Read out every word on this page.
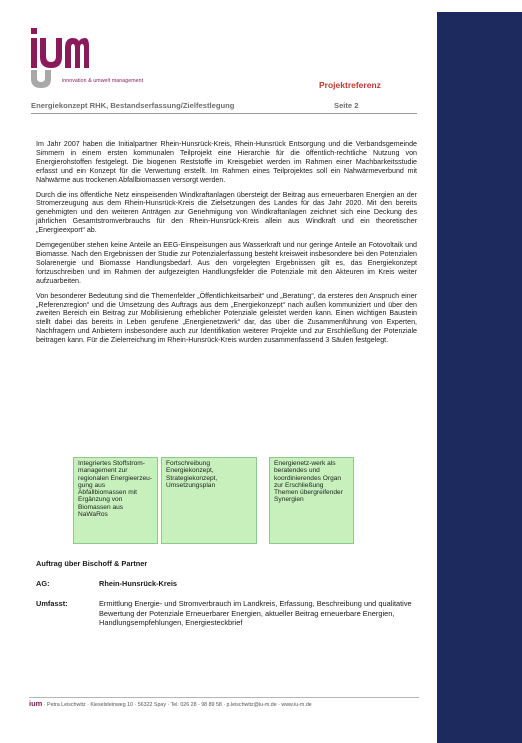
innovation & umwelt management	Projektreferenz
Energiekonzept RHK, Bestandserfassung/Zielfestlegung	Seite 2

Im Jahr 2007 haben die Initialpartner Rhein-Hunsrück-Kreis, Rhein-Hunsrück Entsorgung und die Verbandsgemeinde Simmern in einem ersten kommunalen Teilprojekt eine Hierarchie für die öffentlich-rechtliche Nutzung von Energierohstoffen festgelegt. Die biogenen Reststoffe im Kreisgebiet werden im Rahmen einer Machbarkeitsstudie erfasst und ein Konzept für die Verwertung erstellt. Im Rahmen eines Teilprojektes soll ein Nahwärmeverbund mit Nahwärme aus trockenen Abfallbiomassen versorgt werden.

Durch die ins öffentliche Netz einspeisenden Windkraftanlagen übersteigt der Beitrag aus erneuerbaren Energien an der Stromerzeugung aus dem Rhein-Hunsrück-Kreis die Zielsetzungen des Landes für das Jahr 2020. Mit den bereits genehmigten und den weiteren Anträgen zur Genehmigung von Windkraftanlagen zeichnet sich eine Deckung des jährlichen Gesamtstromverbrauchs für den Rhein-Hunsrück-Kreis allein aus Windkraft und ein theoretischer „Energieexport“ ab.

Demgegenüber stehen keine Anteile an EEG-Einspeisungen aus Wasserkraft und nur geringe Anteile an Fotovoltaik und Biomasse. Nach den Ergebnissen der Studie zur Potenzialerfassung besteht kreisweit insbesondere bei den Potenzialen Solarenergie und Biomasse Handlungsbedarf. Aus den vorgelegten Ergebnissen gilt es, das Energiekonzept fortzuschreiben und im Rahmen der aufgezeigten Handlungsfelder die Potenziale mit den Akteuren im Kreis weiter aufzuarbeiten.

Von besonderer Bedeutung sind die Themenfelder „Öffentlichkeitsarbeit“ und „Beratung“, da ersteres den Anspruch einer „Referenzregion“ und die Umsetzung des Auftrags aus dem „Energiekonzept“ nach außen kommuniziert und über den zweiten Bereich ein Beitrag zur Mobilisierung erheblicher Potenziale geleistet werden kann. Einen wichtigen Baustein stellt dabei das bereits in Leben gerufene „Energienetzwerk“ dar, das über die Zusammenführung von Experten, Nachfragern und Anbietern insbesondere auch zur Identifikation weiterer Projekte und zur Erschließung der Potenziale beitragen kann. Für die Zielerreichung im Rhein-Hunsrück-Kreis wurden zusammenfassend 3 Säulen festgelegt.

Integriertes Stoffstrom-management zur regionalen Energieerzeu-gung aus Abfallbiomassen mit Ergänzung von Biomassen aus NaWaRos
Fortschreibung Energiekonzept, Strategiekonzept, Umsetzungsplan
Energienetz-werk als beratendes und koordinierendes Organ zur Erschließung Themen übergreifender Synergien
Auftrag über Bischoff & Partner
AG:	Rhein-Hunsrück-Kreis
Umfasst:	Ermittlung Energie- und Stromverbrauch im Landkreis, Erfassung, Beschreibung und qualitative Bewertung der Potenziale Erneuerbarer Energien, aktueller Beitrag erneuerbare Energien, Handlungsempfehlungen, Energiesteckbrief
ium · Petra Leischwitz · Kieselsteinweg 10 · 56322 Spay · Tel. 026 28 - 98 89 58 · p.leischwitz@iu-m.de · www.iu-m.de
